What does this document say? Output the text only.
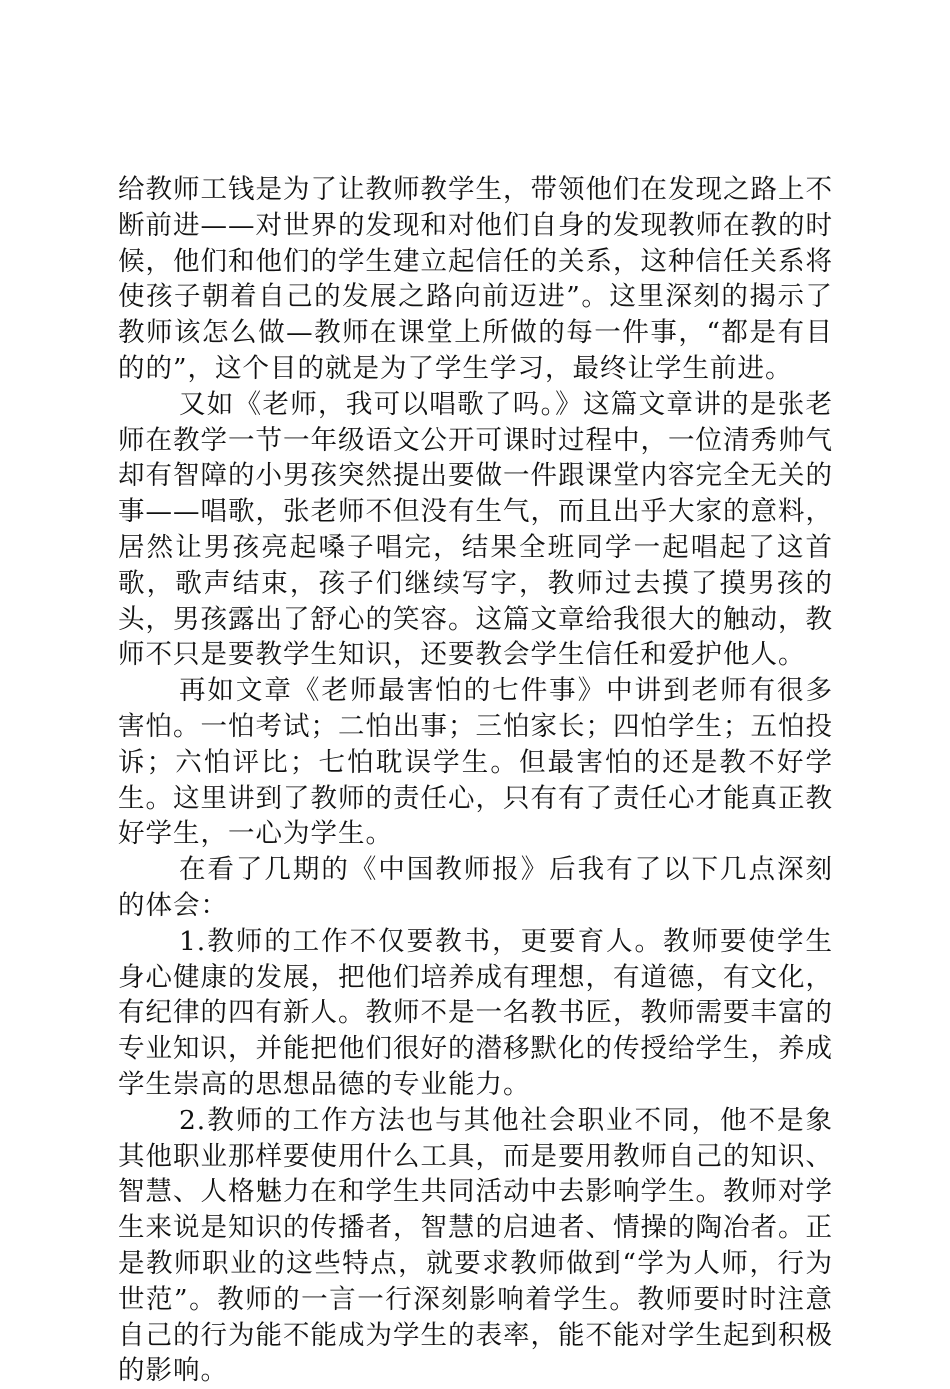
给教师工钱是为了让教师教学生，带领他们在发现之路上不断前进——对世界的发现和对他们自身的发现教师在教的时候，他们和他们的学生建立起信任的关系，这种信任关系将使孩子朝着自己的发展之路向前迈进”。这里深刻的揭示了教师该怎么做—教师在课堂上所做的每一件事，“都是有目的的”，这个目的就是为了学生学习，最终让学生前进。

又如《老师，我可以唱歌了吗。》这篇文章讲的是张老师在教学一节一年级语文公开可课时过程中，一位清秀帅气却有智障的小男孩突然提出要做一件跟课堂内容完全无关的事——唱歌，张老师不但没有生气，而且出乎大家的意料，居然让男孩亮起嗓子唱完，结果全班同学一起唱起了这首歌，歌声结束，孩子们继续写字，教师过去摸了摸男孩的头，男孩露出了舒心的笑容。这篇文章给我很大的触动，教师不只是要教学生知识，还要教会学生信任和爱护他人。

再如文章《老师最害怕的七件事》中讲到老师有很多害怕。一怕考试；二怕出事；三怕家长；四怕学生；五怕投诉；六怕评比；七怕耽误学生。但最害怕的还是教不好学生。这里讲到了教师的责任心，只有有了责任心才能真正教好学生，一心为学生。

在看了几期的《中国教师报》后我有了以下几点深刻的体会：

1.教师的工作不仅要教书，更要育人。教师要使学生身心健康的发展，把他们培养成有理想，有道德，有文化，有纪律的四有新人。教师不是一名教书匠，教师需要丰富的专业知识，并能把他们很好的潜移默化的传授给学生，养成学生崇高的思想品德的专业能力。

2.教师的工作方法也与其他社会职业不同，他不是象其他职业那样要使用什么工具，而是要用教师自己的知识、智慧、人格魅力在和学生共同活动中去影响学生。教师对学生来说是知识的传播者，智慧的启迪者、情操的陶冶者。正是教师职业的这些特点，就要求教师做到“学为人师，行为世范”。教师的一言一行深刻影响着学生。教师要时时注意自己的行为能不能成为学生的表率，能不能对学生起到积极的影响。
